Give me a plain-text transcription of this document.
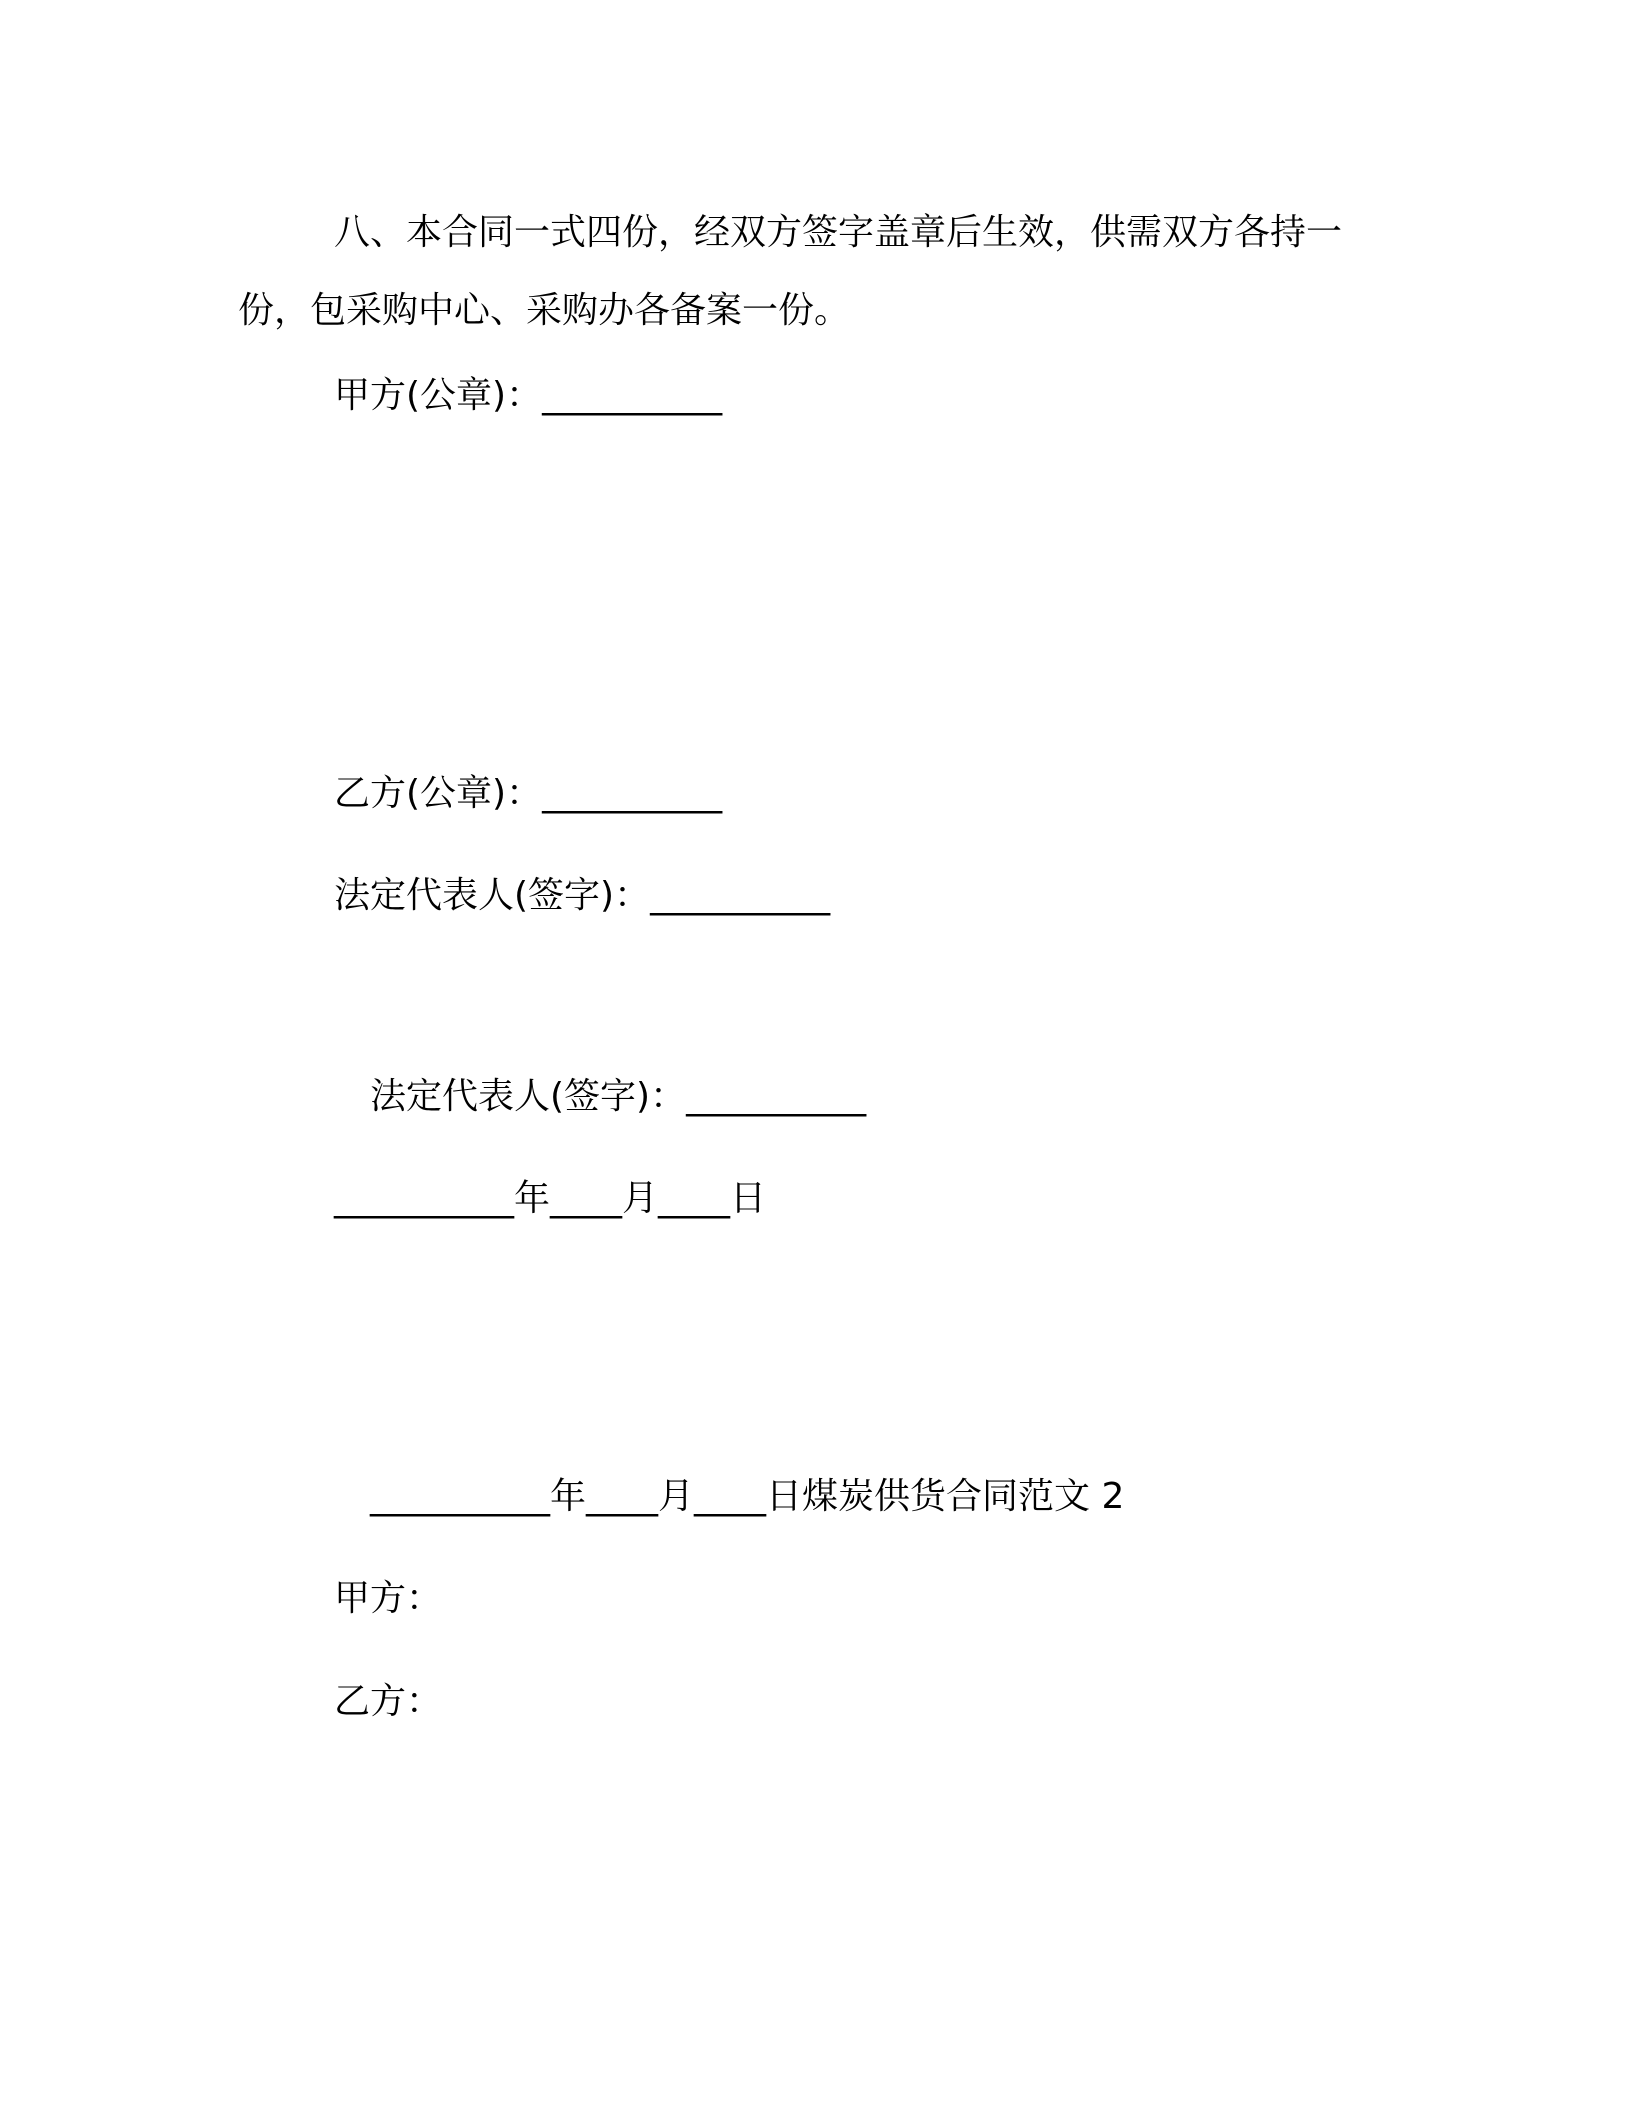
八、本合同一式四份，经双方签字盖章后生效，供需双方各持一份，包采购中心、采购办各备案一份。

甲方(公章)：__________

乙方(公章)：__________

法定代表人(签字)：__________

法定代表人(签字)：__________

__________年____月____日

__________年____月____日煤炭供货合同范文 2

甲方：

乙方：
